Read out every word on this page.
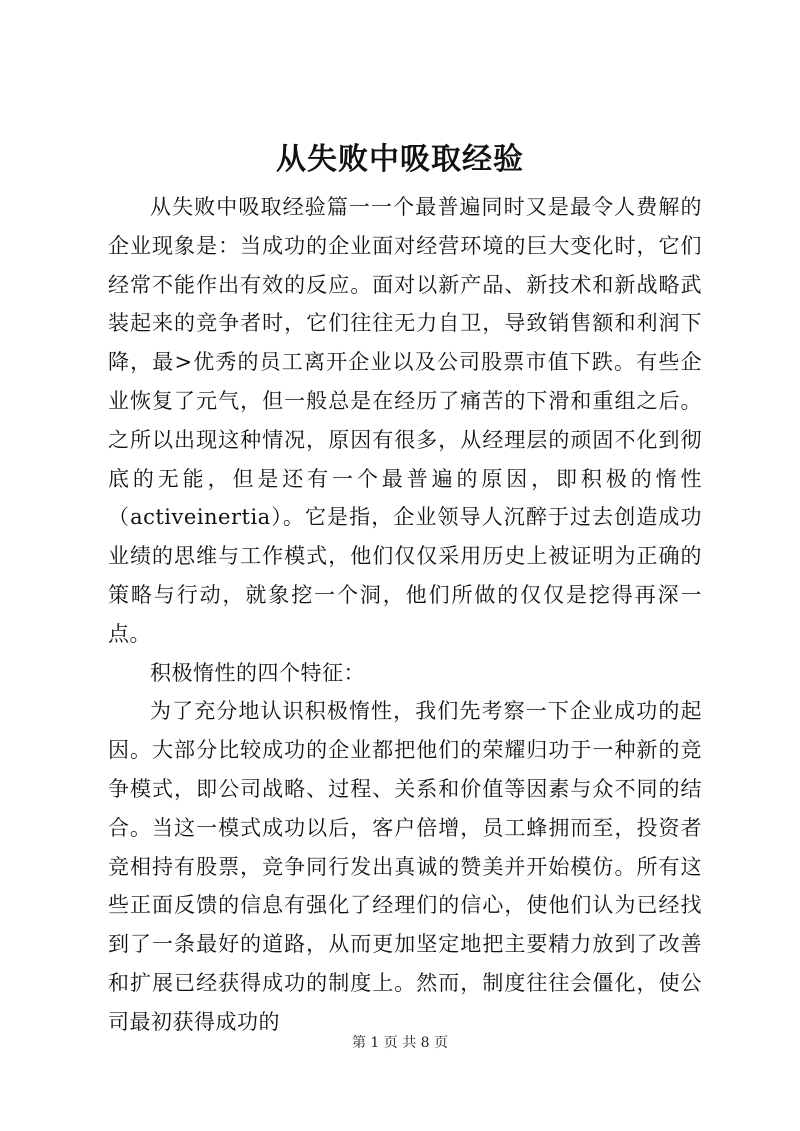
从失败中吸取经验

从失败中吸取经验篇一一个最普遍同时又是最令人费解的企业现象是：当成功的企业面对经营环境的巨大变化时，它们经常不能作出有效的反应。面对以新产品、新技术和新战略武装起来的竞争者时，它们往往无力自卫，导致销售额和利润下降，最>优秀的员工离开企业以及公司股票市值下跌。有些企业恢复了元气，但一般总是在经历了痛苦的下滑和重组之后。之所以出现这种情况，原因有很多，从经理层的顽固不化到彻底的无能，但是还有一个最普遍的原因，即积极的惰性（activeinertia）。它是指，企业领导人沉醉于过去创造成功业绩的思维与工作模式，他们仅仅采用历史上被证明为正确的策略与行动，就象挖一个洞，他们所做的仅仅是挖得再深一点。

积极惰性的四个特征：

为了充分地认识积极惰性，我们先考察一下企业成功的起因。大部分比较成功的企业都把他们的荣耀归功于一种新的竞争模式，即公司战略、过程、关系和价值等因素与众不同的结合。当这一模式成功以后，客户倍增，员工蜂拥而至，投资者竞相持有股票，竞争同行发出真诚的赞美并开始模仿。所有这些正面反馈的信息有强化了经理们的信心，使他们认为已经找到了一条最好的道路，从而更加坚定地把主要精力放到了改善和扩展已经获得成功的制度上。然而，制度往往会僵化，使公司最初获得成功的

第 1 页 共 8 页
